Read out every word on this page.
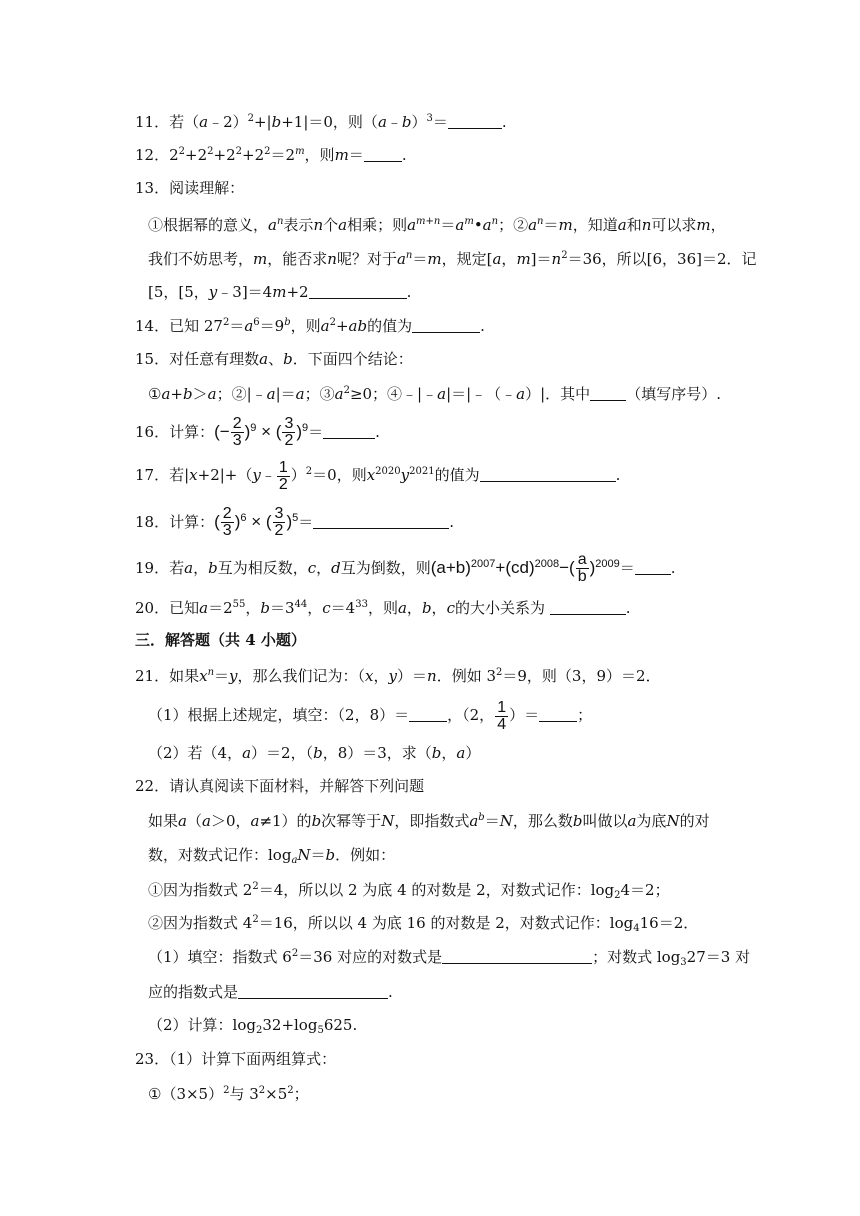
11．若（a﹣2）$^2$+|b+1|＝0，则（a﹣b）$^3$＝	.
12．$2^2+2^2+2^2+2^2=2^m$，则m＝	.
13．阅读理解：
①根据幂的意义，$a^n$表示n个a相乘；则$a^{m+n}=a^m•a^n$；$②a^n=m$，知道a和n可以求m，
我们不妨思考，m，能否求n呢？对于$a^n=m$，规定[a，$m]=n^2=36$，所以[6，36]＝2．记
[5，[5，y﹣3]＝4m+2	.
14．已知 $27^2=a^6=9^b$，则$a^2+ab$的值为	.
15．对任意有理数a、b．下面四个结论：
①a+b＞a；②|﹣a|＝a；$③a^2\ge 0$；④﹣|﹣a|＝|﹣（﹣a）|．其中 （填写序号）.
16．计算：(− $\frac{2}{3} )^9$ × ( $\frac{3}{2} )^9=$	.
17．若|x+2|+（y﹣ $\frac{1}{2} )^2=0$，则$x^{2020}y^{2021}$的值为	.
18．计算：( $\frac{2}{3} )^6$ × ( $\frac{3}{2} )^5=$	.
19．若a，b互为相反数，c，d互为倒数，则$(a+b)^{2007}+(cd)^{2008}-( \frac{a}{b} )^{2009}=$ .
20．已知$a=2^{55}$，$b=3^{44}$，$c=4^{33}$，则a，b，c的大小关系为	.
三．解答题（共 4 小题）
21．如果$x^n=y$，那么我们记为：（x，y）＝n．例如 $3^2=9$，则（3，9）＝2．
（1）根据上述规定，填空：（2，8）＝	，（2， $\frac{1}{4}$ ）＝	；
（2）若（4，a）＝2，（b，8）＝3，求（b，a）
22．请认真阅读下面材料，并解答下列问题
如果a（a＞0，a≠1）的b次幂等于N，即指数式$a^b=N$，那么数b叫做以a为底N的对
数，对数式记作：$\log_aN=b$．例如：
①因为指数式 $2^2=4$，所以以 2 为底 4 的对数是 2，对数式记作：$\log_24=2$；
②因为指数式 $4^2=16$，所以以 4 为底 16 的对数是 2，对数式记作：$\log_416=2$．
（1）填空：指数式 $6^2=36$ 对应的对数式是	；对数式 $\log_327=3$ 对
应的指数式是	.
（2）计算：$\log_232+\log_5625$.
23．（1）计算下面两组算式：
$①(3\times 5)^2$与 $3^2\times 5^2$；
